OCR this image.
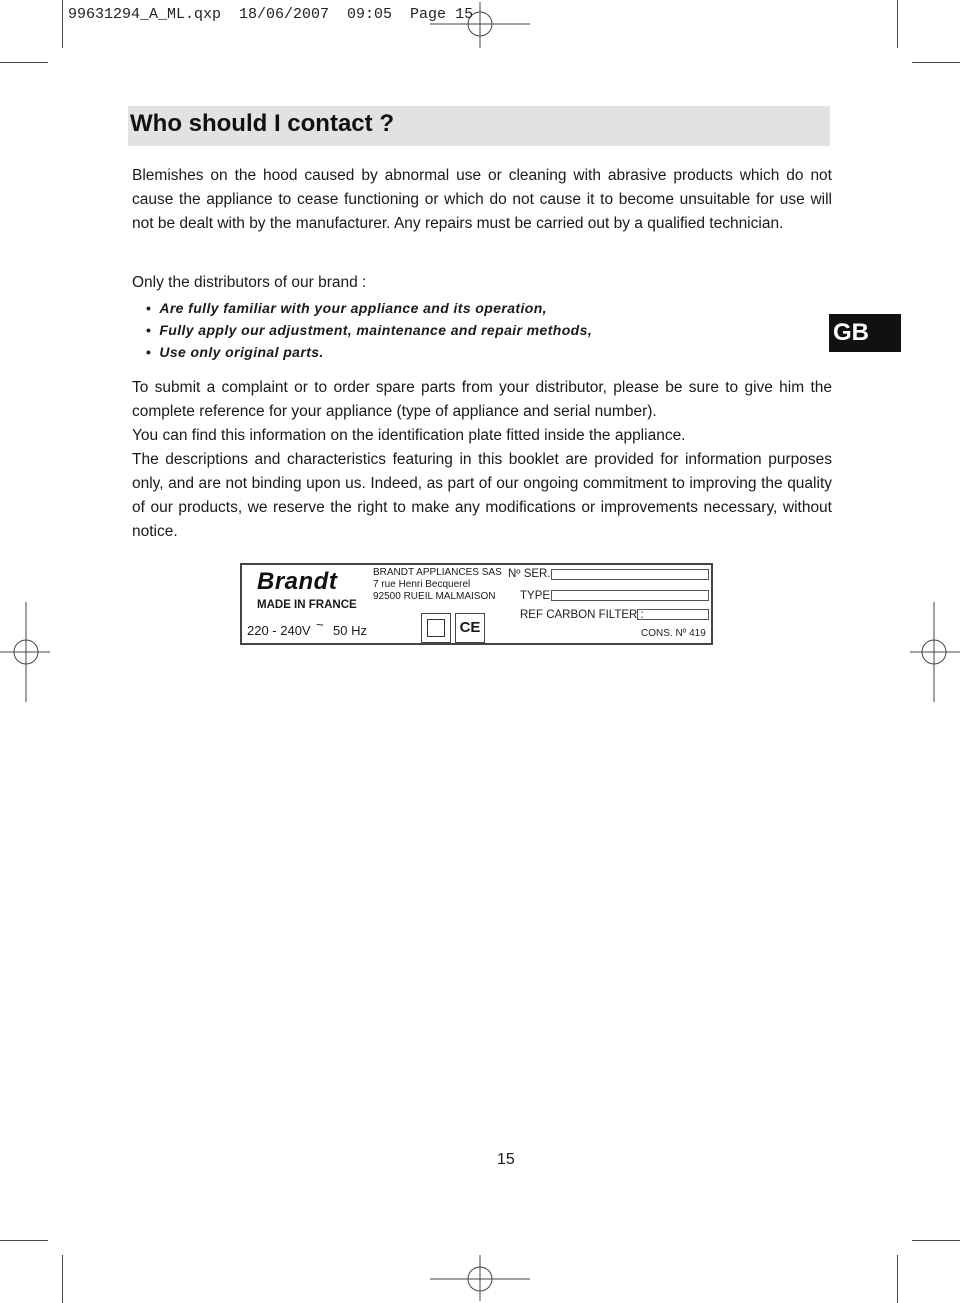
99631294_A_ML.qxp  18/06/2007  09:05  Page 15
Who should I contact ?
Blemishes on the hood caused by abnormal use or cleaning with abrasive products which do not cause the appliance to cease functioning or which do not cause it to become unsuitable for use will not be dealt with by the manufacturer. Any repairs must be carried out by a qualified technician.
Only the distributors of our brand :
• Are fully familiar with your appliance and its operation,
• Fully apply our adjustment, maintenance and repair methods,
• Use only original parts.
GB
To submit a complaint or to order spare parts from your distributor, please be sure to give him the complete reference for your appliance (type of appliance and serial number).
You can find this information on the identification plate fitted inside the appliance.
The descriptions and characteristics featuring in this booklet are provided for information purposes only, and are not binding upon us. Indeed, as part of our ongoing commitment to improving the quality of our products, we reserve the right to make any modifications or improvements necessary, without notice.
Brandt
MADE IN FRANCE
220 - 240V ~ 50 Hz
BRANDT APPLIANCES SAS
7 rue Henri Becquerel
92500 RUEIL MALMAISON
CE
Nº SER.
TYPE
REF CARBON FILTER :
CONS. Nº 419
15
